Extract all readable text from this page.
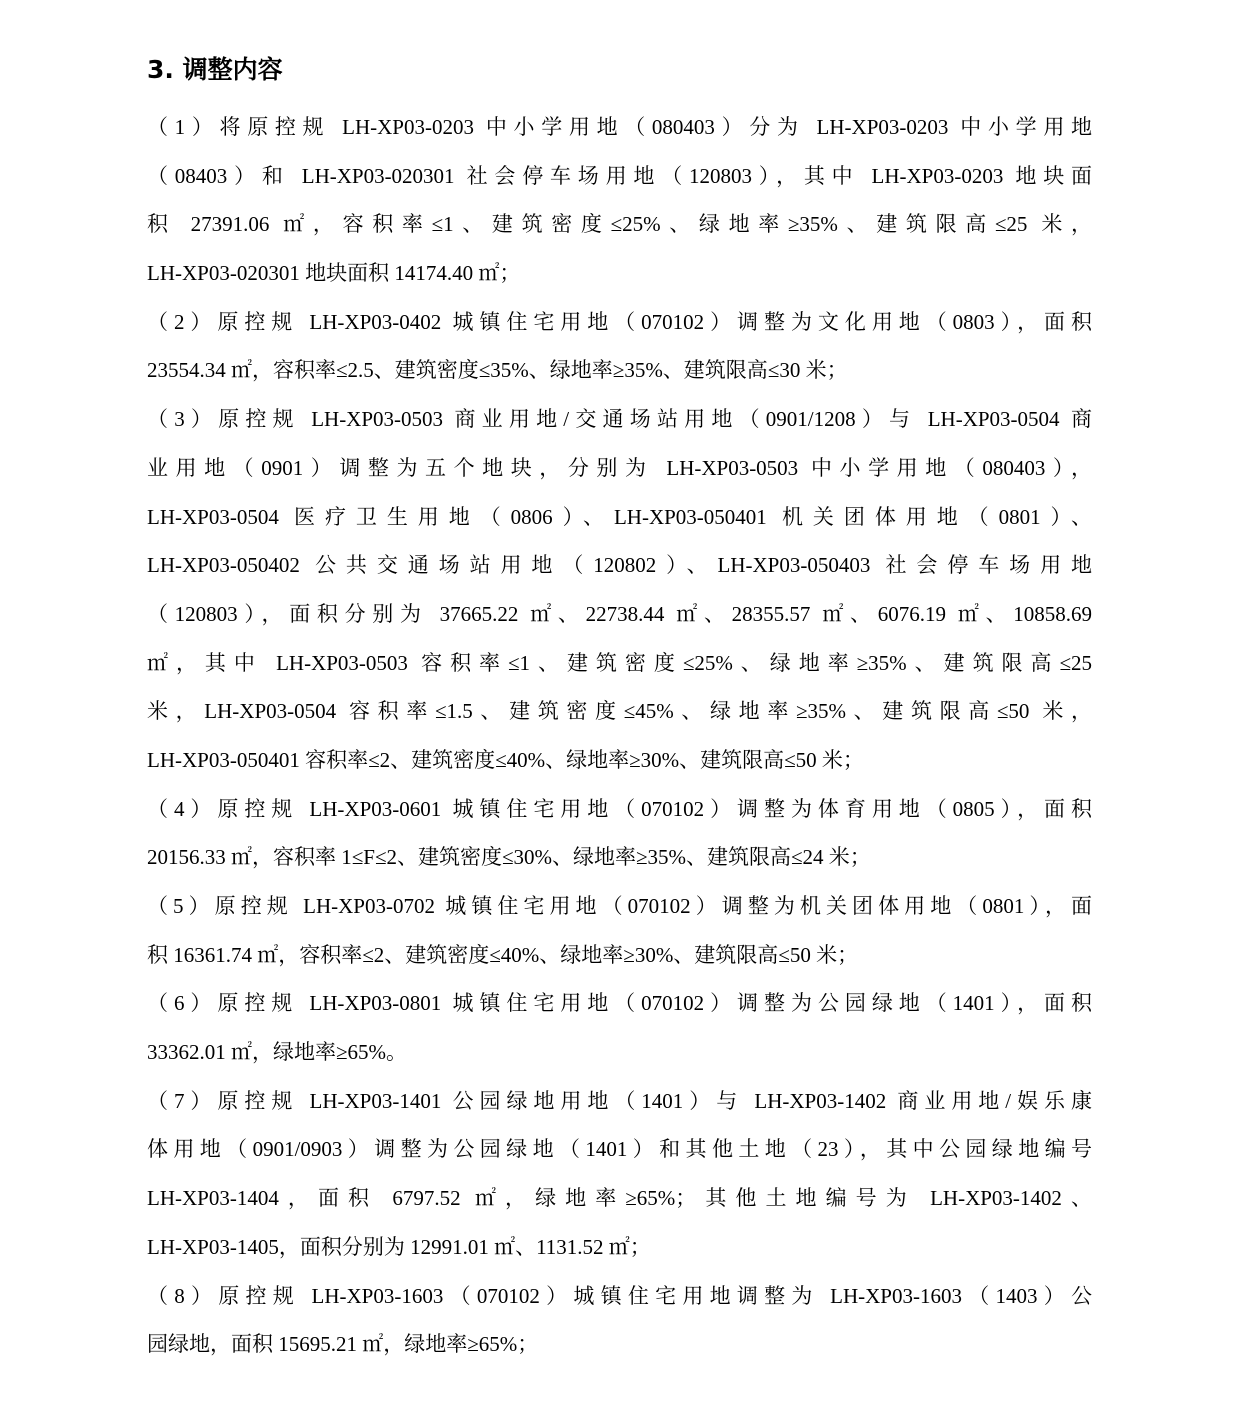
3. 调整内容
（1）将原控规 LH-XP03-0203 中小学用地（080403）分为 LH-XP03-0203 中小学用地
（08403）和 LH-XP03-020301 社会停车场用地（120803），其中 LH-XP03-0203 地块面
积 27391.06 ㎡，容积率≤1、建筑密度≤25%、绿地率≥35%、建筑限高≤25 米，
LH-XP03-020301 地块面积 14174.40 ㎡；
（2）原控规 LH-XP03-0402 城镇住宅用地（070102）调整为文化用地（0803），面积
23554.34 ㎡，容积率≤2.5、建筑密度≤35%、绿地率≥35%、建筑限高≤30 米；
（3）原控规 LH-XP03-0503 商业用地/交通场站用地（0901/1208）与 LH-XP03-0504 商
业用地（0901）调整为五个地块，分别为 LH-XP03-0503 中小学用地（080403），
LH-XP03-0504 医疗卫生用地（0806）、LH-XP03-050401 机关团体用地（0801）、
LH-XP03-050402 公共交通场站用地（120802）、LH-XP03-050403 社会停车场用地
（120803），面积分别为 37665.22 ㎡、22738.44 ㎡、28355.57 ㎡、6076.19 ㎡、10858.69
㎡，其中 LH-XP03-0503 容积率≤1、建筑密度≤25%、绿地率≥35%、建筑限高≤25
米，LH-XP03-0504 容积率≤1.5、建筑密度≤45%、绿地率≥35%、建筑限高≤50 米，
LH-XP03-050401 容积率≤2、建筑密度≤40%、绿地率≥30%、建筑限高≤50 米；
（4）原控规 LH-XP03-0601 城镇住宅用地（070102）调整为体育用地（0805），面积
20156.33 ㎡，容积率 1≤F≤2、建筑密度≤30%、绿地率≥35%、建筑限高≤24 米；
（5）原控规 LH-XP03-0702 城镇住宅用地（070102）调整为机关团体用地（0801），面
积 16361.74 ㎡，容积率≤2、建筑密度≤40%、绿地率≥30%、建筑限高≤50 米；
（6）原控规 LH-XP03-0801 城镇住宅用地（070102）调整为公园绿地（1401），面积
33362.01 ㎡，绿地率≥65%。
（7）原控规 LH-XP03-1401 公园绿地用地（1401）与 LH-XP03-1402 商业用地/娱乐康
体用地（0901/0903）调整为公园绿地（1401）和其他土地（23），其中公园绿地编号
LH-XP03-1404，面积 6797.52 ㎡，绿地率≥65%；其他土地编号为 LH-XP03-1402、
LH-XP03-1405，面积分别为 12991.01 ㎡、1131.52 ㎡；
（8）原控规 LH-XP03-1603（070102）城镇住宅用地调整为 LH-XP03-1603（1403）公
园绿地，面积 15695.21 ㎡，绿地率≥65%；
